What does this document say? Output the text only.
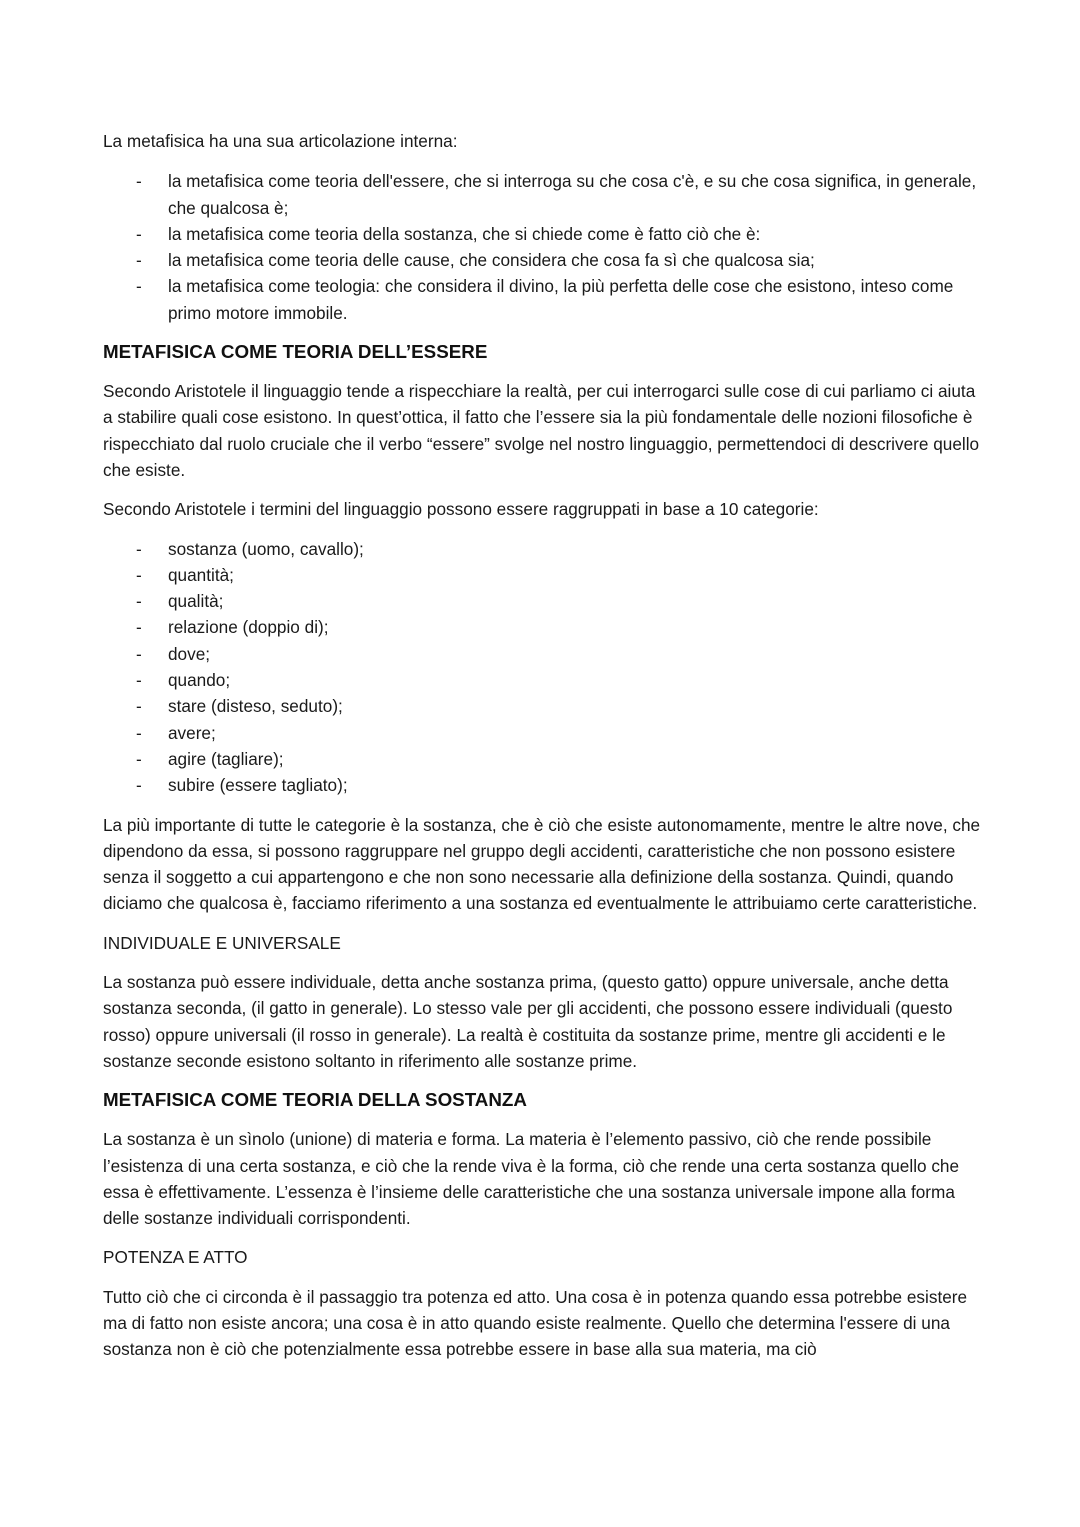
La metafisica ha una sua articolazione interna:

- la metafisica come teoria dell'essere, che si interroga su che cosa c'è, e su che cosa significa, in generale, che qualcosa è;
- la metafisica come teoria della sostanza, che si chiede come è fatto ciò che è:
- la metafisica come teoria delle cause, che considera che cosa fa sì che qualcosa sia;
- la metafisica come teologia: che considera il divino, la più perfetta delle cose che esistono, inteso come primo motore immobile.
METAFISICA COME TEORIA DELL’ESSERE

Secondo Aristotele il linguaggio tende a rispecchiare la realtà, per cui interrogarci sulle cose di cui parliamo ci aiuta a stabilire quali cose esistono. In quest’ottica, il fatto che l’essere sia la più fondamentale delle nozioni filosofiche è rispecchiato dal ruolo cruciale che il verbo “essere” svolge nel nostro linguaggio, permettendoci di descrivere quello che esiste.

Secondo Aristotele i termini del linguaggio possono essere raggruppati in base a 10 categorie:

- sostanza (uomo, cavallo);
- quantità;
- qualità;
- relazione (doppio di);
- dove;
- quando;
- stare (disteso, seduto);
- avere;
- agire (tagliare);
- subire (essere tagliato);

La più importante di tutte le categorie è la sostanza, che è ciò che esiste autonomamente, mentre le altre nove, che dipendono da essa, si possono raggruppare nel gruppo degli accidenti, caratteristiche che non possono esistere senza il soggetto a cui appartengono e che non sono necessarie alla definizione della sostanza. Quindi, quando diciamo che qualcosa è, facciamo riferimento a una sostanza ed eventualmente le attribuiamo certe caratteristiche.

INDIVIDUALE E UNIVERSALE

La sostanza può essere individuale, detta anche sostanza prima, (questo gatto) oppure universale, anche detta sostanza seconda, (il gatto in generale). Lo stesso vale per gli accidenti, che possono essere individuali (questo rosso) oppure universali (il rosso in generale). La realtà è costituita da sostanze prime, mentre gli accidenti e le sostanze seconde esistono soltanto in riferimento alle sostanze prime.

METAFISICA COME TEORIA DELLA SOSTANZA

La sostanza è un sìnolo (unione) di materia e forma. La materia è l’elemento passivo, ciò che rende possibile l’esistenza di una certa sostanza, e ciò che la rende viva è la forma, ciò che rende una certa sostanza quello che essa è effettivamente. L’essenza è l’insieme delle caratteristiche che una sostanza universale impone alla forma delle sostanze individuali corrispondenti.

POTENZA E ATTO

Tutto ciò che ci circonda è il passaggio tra potenza ed atto. Una cosa è in potenza quando essa potrebbe esistere ma di fatto non esiste ancora; una cosa è in atto quando esiste realmente. Quello che determina l'essere di una sostanza non è ciò che potenzialmente essa potrebbe essere in base alla sua materia, ma ciò
